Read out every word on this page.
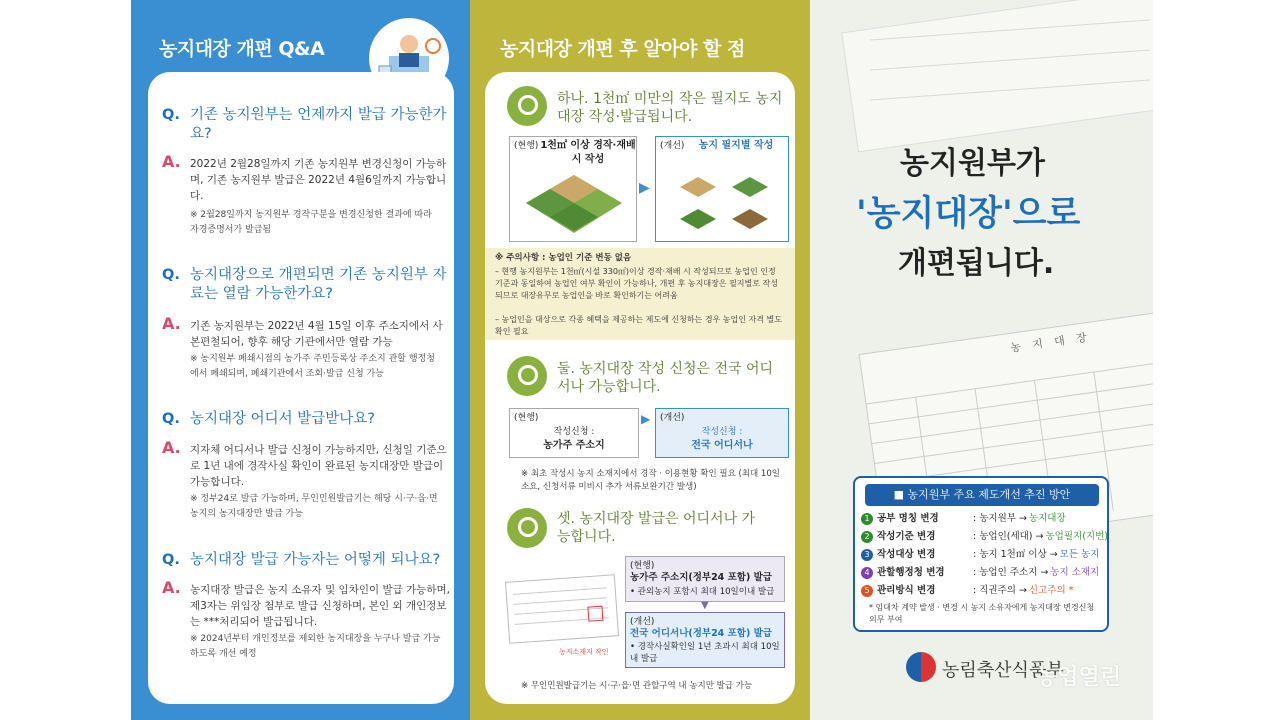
농지대장 개편 Q&A
Q. 기존 농지원부는 언제까지 발급 가능한가요?
A. 2022년 2월28일까지 기존 농지원부 변경신청이 가능하며, 기존 농지원부 발급은 2022년 4월6일까지 가능합니다.
※ 2월28일까지 농지원부 경작구분을 변경신청한 결과에 따라 자경증명서가 발급됨
Q. 농지대장으로 개편되면 기존 농지원부 자료는 열람 가능한가요?
A. 기존 농지원부는 2022년 4월 15일 이후 주소지에서 사본편철되어, 향후 해당 기관에서만 열람 가능
※ 농지원부 폐쇄시점의 농가주 주민등록상 주소지 관할 행정청에서 폐쇄되며, 폐쇄기관에서 조회·발급 신청 가능
Q. 농지대장 어디서 발급받나요?
A. 지자체 어디서나 발급 신청이 가능하지만, 신청일 기준으로 1년 내에 경작사실 확인이 완료된 농지대장만 발급이 가능합니다.
※ 정부24로 발급 가능하며, 무인민원발급기는 해당 시·구·읍·면 농지의 농지대장만 발급 가능
Q. 농지대장 발급 가능자는 어떻게 되나요?
A. 농지대장 발급은 농지 소유자 및 임차인이 발급 가능하며, 제3자는 위임장 첨부로 발급 신청하며, 본인 외 개인정보는 ***처리되어 발급됩니다.
※ 2024년부터 개인정보를 제외한 농지대장을 누구나 발급 가능하도록 개선 예정
농지대장 개편 후 알아야 할 점
하나. 1천㎡ 미만의 작은 필지도 농지대장 작성·발급됩니다.
(현행) 1천㎡ 이상 경작·재배 시 작성
▶
(개선) 농지 필지별 작성
※ 주의사항 : 농업인 기준 변동 없음
– 현행 농지원부는 1천㎡(시설 330㎡)이상 경작·재배 시 작성되므로 농업인 인정 기준과 동일하여 농업인 여부 확인이 가능하나, 개편 후 농지대장은 필지별로 작성되므로 대장유무로 농업인을 바로 확인하기는 어려움
– 농업인을 대상으로 각종 혜택을 제공하는 제도에 신청하는 경우 농업인 자격 별도확인 필요
둘. 농지대장 작성 신청은 전국 어디서나 가능합니다.
(현행)
작성신청 :
농가주 주소지
▶ (개선)
작성신청 :
전국 어디서나
※ 최초 작성시 농지 소재지에서 경작 · 이용현황 확인 필요 (최대 10일 소요, 신청서류 미비시 추가 서류보완기간 발생)
셋. 농지대장 발급은 어디서나 가능합니다.
농지소재지 작인
(현행)
농가주 주소지(정부24 포함) 발급
• 관외농지 포함시 최대 10일이내 발급
▼
(개선)
전국 어디서나(정부24 포함) 발급
• 경작사실확인일 1년 초과시 최대 10일내 발급
※ 무인민원발급기는 시·구·읍·면 관할구역 내 농지만 발급 가능
농 지 대 장
농지원부가
'농지대장'으로
개편됩니다.
■ 농지원부 주요 제도개선 추진 방안
1 공부 명칭 변경	: 농지원부 → 농지대장
2 작성기준 변경	: 농업인(세대) → 농업필지(지번)
3 작성대상 변경	: 농지 1천㎡ 이상 → 모든 농지
4 관할행정청 변경	: 농업인 주소지 → 농지 소재지
5 관리방식 변경	: 직권주의 → 신고주의 *
* 임대차 계약 발생 · 변경 시 농지 소유자에게 농지대장 변경신청 의무 부여
농림축산식품부
농업열린
